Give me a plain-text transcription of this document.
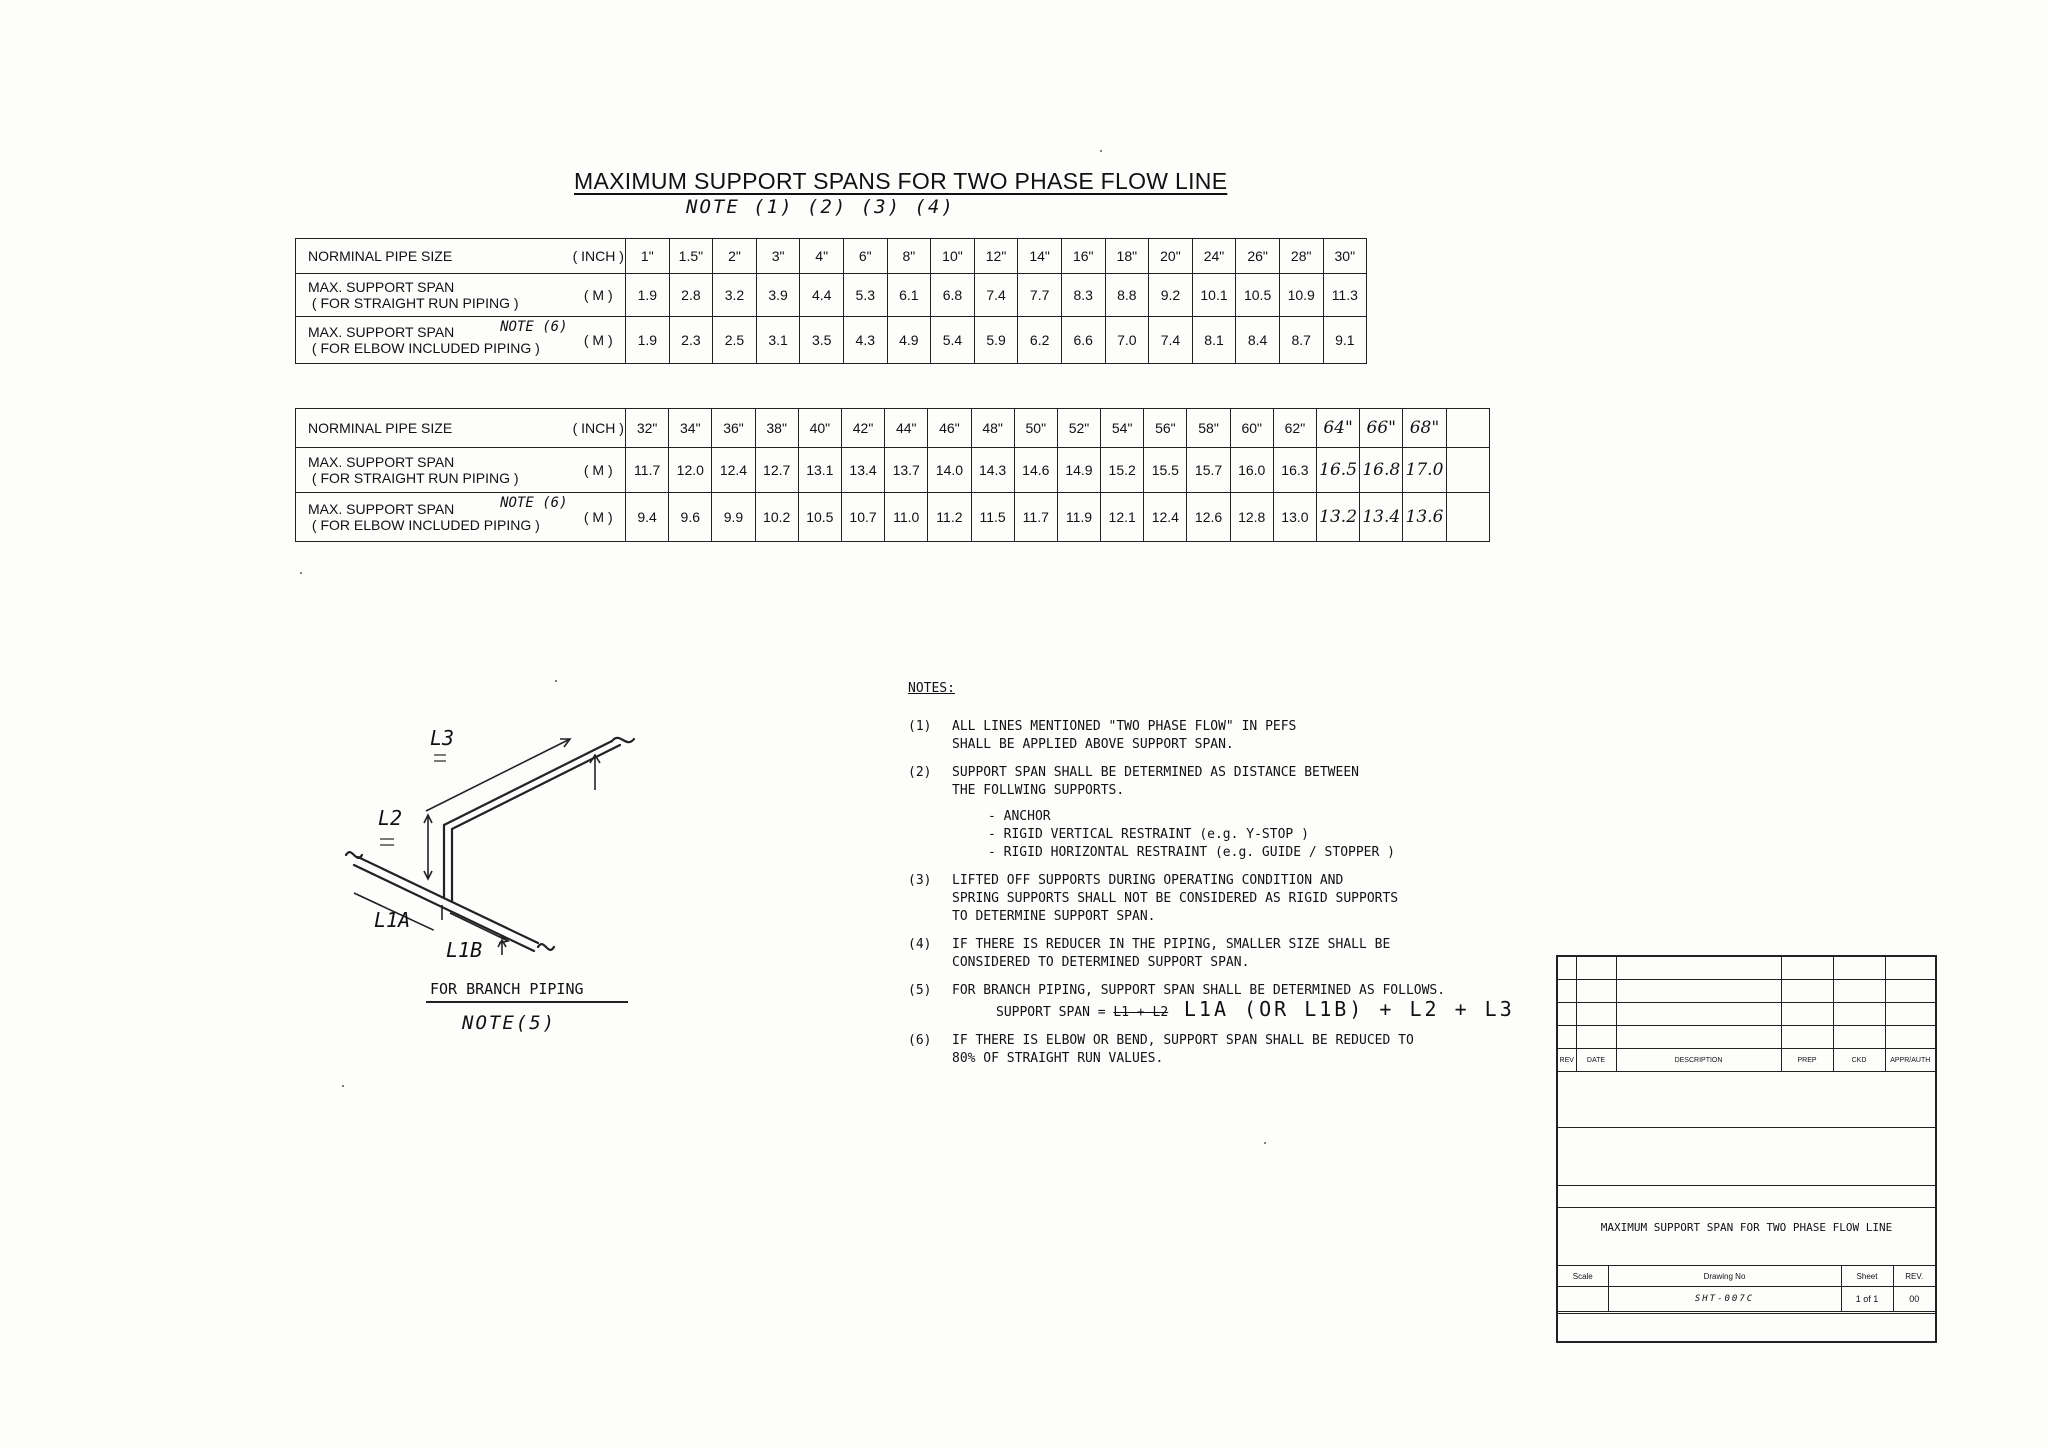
MAXIMUM SUPPORT SPANS FOR TWO PHASE FLOW LINE
NOTE (1) (2) (3) (4)
NORMINAL PIPE SIZE	( INCH )	1"	1.5"	2"	3"	4"	6"	8"	10"	12"	14"	16"	18"	20"	24"	26"	28"	30"
MAX. SUPPORT SPAN
( FOR STRAIGHT RUN PIPING )	( M )	1.9	2.8	3.2	3.9	4.4	5.3	6.1	6.8	7.4	7.7	8.3	8.8	9.2	10.1	10.5	10.9	11.3
MAX. SUPPORT SPAN NOTE (6)

( FOR ELBOW INCLUDED PIPING )	( M )	1.9	2.3	2.5	3.1	3.5	4.3	4.9	5.4	5.9	6.2	6.6	7.0	7.4	8.1	8.4	8.7	9.1
NORMINAL PIPE SIZE	( INCH )	32"	34"	36"	38"	40"	42"	44"	46"	48"	50"	52"	54"	56"	58"	60"	62"	64"	66"	68"	
MAX. SUPPORT SPAN
( FOR STRAIGHT RUN PIPING )	( M )	11.7	12.0	12.4	12.7	13.1	13.4	13.7	14.0	14.3	14.6	14.9	15.2	15.5	15.7	16.0	16.3	16.5	16.8	17.0	
MAX. SUPPORT SPAN NOTE (6)

( FOR ELBOW INCLUDED PIPING )	( M )	9.4	9.6	9.9	10.2	10.5	10.7	11.0	11.2	11.5	11.7	11.9	12.1	12.4	12.6	12.8	13.0	13.2	13.4	13.6	
L3
L2
L1A
L1B
FOR BRANCH PIPING
NOTE(5)
NOTES:
(1) ALL LINES MENTIONED "TWO PHASE FLOW" IN PEFS
SHALL BE APPLIED ABOVE SUPPORT SPAN.
(2) SUPPORT SPAN SHALL BE DETERMINED AS DISTANCE BETWEEN
THE FOLLWING SUPPORTS.
- ANCHOR
- RIGID VERTICAL RESTRAINT (e.g. Y-STOP )
- RIGID HORIZONTAL RESTRAINT (e.g. GUIDE / STOPPER )
(3) LIFTED OFF SUPPORTS DURING OPERATING CONDITION AND
SPRING SUPPORTS SHALL NOT BE CONSIDERED AS RIGID SUPPORTS
TO DETERMINE SUPPORT SPAN.
(4) IF THERE IS REDUCER IN THE PIPING, SMALLER SIZE SHALL BE
CONSIDERED TO DETERMINED SUPPORT SPAN.
(5) FOR BRANCH PIPING, SUPPORT SPAN SHALL BE DETERMINED AS FOLLOWS.
SUPPORT SPAN = L1 + L2 L1A (OR L1B) + L2 + L3
(6) IF THERE IS ELBOW OR BEND, SUPPORT SPAN SHALL BE REDUCED TO
80% OF STRAIGHT RUN VALUES.

						REV	DATE	DESCRIPTION	PREP	CKD	APPR/AUTH
MAXIMUM SUPPORT SPAN FOR TWO PHASE FLOW LINE
Scale	Drawing No	Sheet	REV.
	SHT-007C	1 of 1	00
